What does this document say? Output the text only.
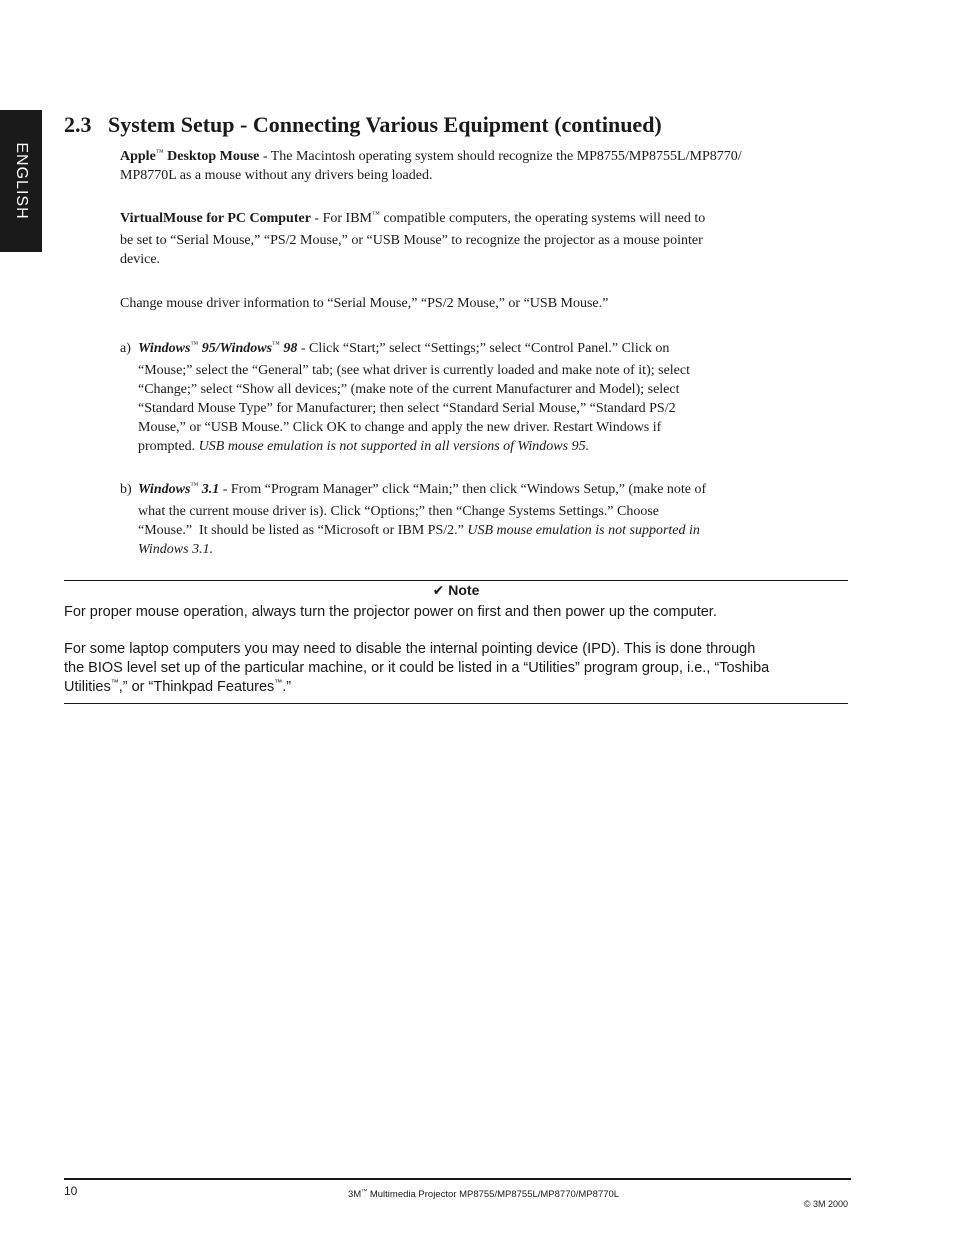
ENGLISH
2.3   System Setup - Connecting Various Equipment (continued)
Apple™ Desktop Mouse - The Macintosh operating system should recognize the MP8755/MP8755L/MP8770/
MP8770L as a mouse without any drivers being loaded.
VirtualMouse for PC Computer - For IBM™ compatible computers, the operating systems will need to
be set to “Serial Mouse,” “PS/2 Mouse,” or “USB Mouse” to recognize the projector as a mouse pointer
device.
Change mouse driver information to “Serial Mouse,” “PS/2 Mouse,” or “USB Mouse.”
a) Windows™ 95/Windows™ 98 - Click “Start;” select “Settings;” select “Control Panel.” Click on
“Mouse;” select the “General” tab; (see what driver is currently loaded and make note of it); select
“Change;” select “Show all devices;” (make note of the current Manufacturer and Model); select
“Standard Mouse Type” for Manufacturer; then select “Standard Serial Mouse,” “Standard PS/2
Mouse,” or “USB Mouse.” Click OK to change and apply the new driver. Restart Windows if
prompted. USB mouse emulation is not supported in all versions of Windows 95.
b) Windows™ 3.1 - From “Program Manager” click “Main;” then click “Windows Setup,” (make note of
what the current mouse driver is). Click “Options;” then “Change Systems Settings.” Choose
“Mouse.”  It should be listed as “Microsoft or IBM PS/2.” USB mouse emulation is not supported in
Windows 3.1.
✔ Note
For proper mouse operation, always turn the projector power on first and then power up the computer.
For some laptop computers you may need to disable the internal pointing device (IPD). This is done through
the BIOS level set up of the particular machine, or it could be listed in a “Utilities” program group, i.e., “Toshiba
Utilities™,” or “Thinkpad Features™.”
10	3M™ Multimedia Projector MP8755/MP8755L/MP8770/MP8770L
© 3M 2000
